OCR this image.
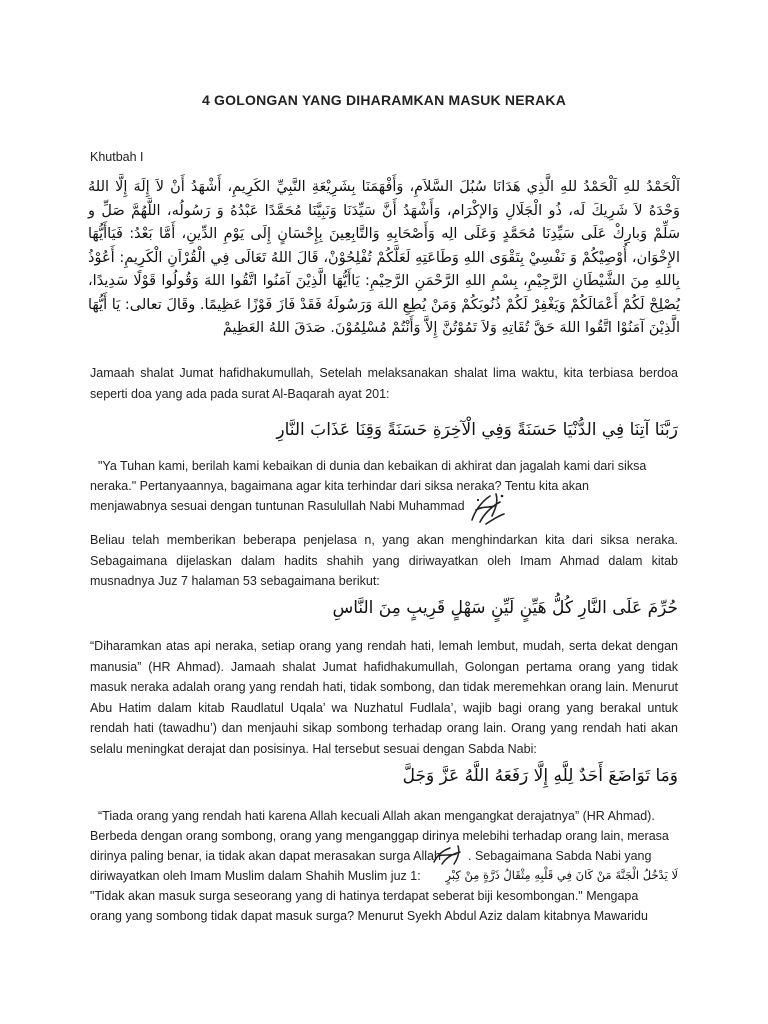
4 GOLONGAN YANG DIHARAMKAN MASUK NERAKA
Khutbah I
اَلْحَمْدُ للهِ اَلْحَمْدُ للهِ الَّذِي هَدَانَا سُبُلَ السَّلاَمِ، وَأَفْهَمَنَا بِشَرِيْعَةِ النَّبِيِّ الكَرِيمِ، أَشْهَدُ أَنْ لاَ إِلَهَ إِلَّا اللهُ وَحْدَهُ لاَ شَرِيكَ لَه، ذُو الْجَلَالِ وَالإكْرَام، وَأَشْهَدُ أَنَّ سَيِّدَنَا وَنَبِيَّنَا مُحَمَّدًا عَبْدُهُ وَ رَسُولُه، اللَّهُمَّ صَلِّ و سَلِّمْ وَبارِكْ عَلَى سَيِّدِنَا مُحَمَّدٍ وَعَلَى الِه وَأَصْحَابِهِ وَالتَّابِعِينَ بِإِحْسَانٍ إِلَى يَوْمِ الدِّينِ، أَمَّا بَعْدُ: فَيَاأَيُّهَا الإِخْوَان، أُوْصِيْكُمْ وَ نَفْسِيْ بِتَقْوَى اللهِ وَطَاعَتِهِ لَعَلَّكُمْ تُفْلِحُوْنْ، قَالَ اللهُ تَعَالَى فِي الْقُرْاَنِ الْكَرِيمِ: أَعُوْذُ بِاللهِ مِنَ الشَّيْطَانِ الرَّجِيْمِ، بِسْمِ اللهِ الرَّحْمَنِ الرَّحِيْمِ: يَاأَيُّهَا الَّذِيْنَ آمَنُوا اتَّقُوا اللهَ وَقُولُوا قَوْلًا سَدِيدًا، يُصْلِحْ لَكُمْ أَعْمَالَكُمْ وَيَغْفِرْ لَكُمْ ذُنُوبَكُمْ وَمَنْ يُطِعِ اللهَ وَرَسُولَهُ فَقَدْ فَازَ فَوْزًا عَظِيمًا. وقَالَ تعالى: يَا أَيُّهَا الَّذِيْنَ آمَنُوْا اتَّقُوا اللهَ حَقَّ تُقَاتِهِ وَلاَ تَمُوْتُنَّ إِلاَّ وَأَنْتُمْ مُسْلِمُوْنَ. صَدَقَ اللهُ العَظِيمْ
Jamaah shalat Jumat hafidhakumullah, Setelah melaksanakan shalat lima waktu, kita terbiasa berdoa seperti doa yang ada pada surat Al-Baqarah ayat 201:
رَبَّنَا آتِنَا فِي الدُّنْيَا حَسَنَةً وَفِي الْآخِرَةِ حَسَنَةً وَقِنَا عَذَابَ النَّارِ
"Ya Tuhan kami, berilah kami kebaikan di dunia dan kebaikan di akhirat dan jagalah kami dari siksa
neraka." Pertanyaannya, bagaimana agar kita terhindar dari siksa neraka? Tentu kita akan
menjawabnya sesuai dengan tuntunan Rasulullah Nabi Muhammad
Beliau telah memberikan beberapa penjelasa n, yang akan menghindarkan kita dari siksa neraka. Sebagaimana dijelaskan dalam hadits shahih yang diriwayatkan oleh Imam Ahmad dalam kitab musnadnya Juz 7 halaman 53 sebagaimana berikut:
حُرِّمَ عَلَى النَّارِ كُلُّ هَيِّنٍ لَيِّنٍ سَهْلٍ قَرِيبٍ مِنَ النَّاسِ
“Diharamkan atas api neraka, setiap orang yang rendah hati, lemah lembut, mudah, serta dekat dengan manusia” (HR Ahmad). Jamaah shalat Jumat hafidhakumullah, Golongan pertama orang yang tidak masuk neraka adalah orang yang rendah hati, tidak sombong, dan tidak meremehkan orang lain. Menurut Abu Hatim dalam kitab Raudlatul Uqala’ wa Nuzhatul Fudlala’, wajib bagi orang yang berakal untuk rendah hati (tawadhu’) dan menjauhi sikap sombong terhadap orang lain. Orang yang rendah hati akan selalu meningkat derajat dan posisinya. Hal tersebut sesuai dengan Sabda Nabi:
وَمَا تَوَاضَعَ أَحَدٌ لِلَّهِ إِلَّا رَفَعَهُ اللَّهُ عَزَّ وَجَلَّ
“Tiada orang yang rendah hati karena Allah kecuali Allah akan mengangkat derajatnya” (HR Ahmad).
Berbeda dengan orang sombong, orang yang menganggap dirinya melebihi terhadap orang lain, merasa
dirinya paling benar, ia tidak akan dapat merasakan surga Allah	. Sebagaimana Sabda Nabi yang
diriwayatkan oleh Imam Muslim dalam Shahih Muslim juz 1:	لَا يَدْخُلُ الْجَنَّةَ مَنْ كَانَ فِي قَلْبِهِ مِثْقَالُ ذَرَّةٍ مِنْ كِبْرٍ
"Tidak akan masuk surga seseorang yang di hatinya terdapat seberat biji kesombongan." Mengapa
orang yang sombong tidak dapat masuk surga? Menurut Syekh Abdul Aziz dalam kitabnya Mawaridu
